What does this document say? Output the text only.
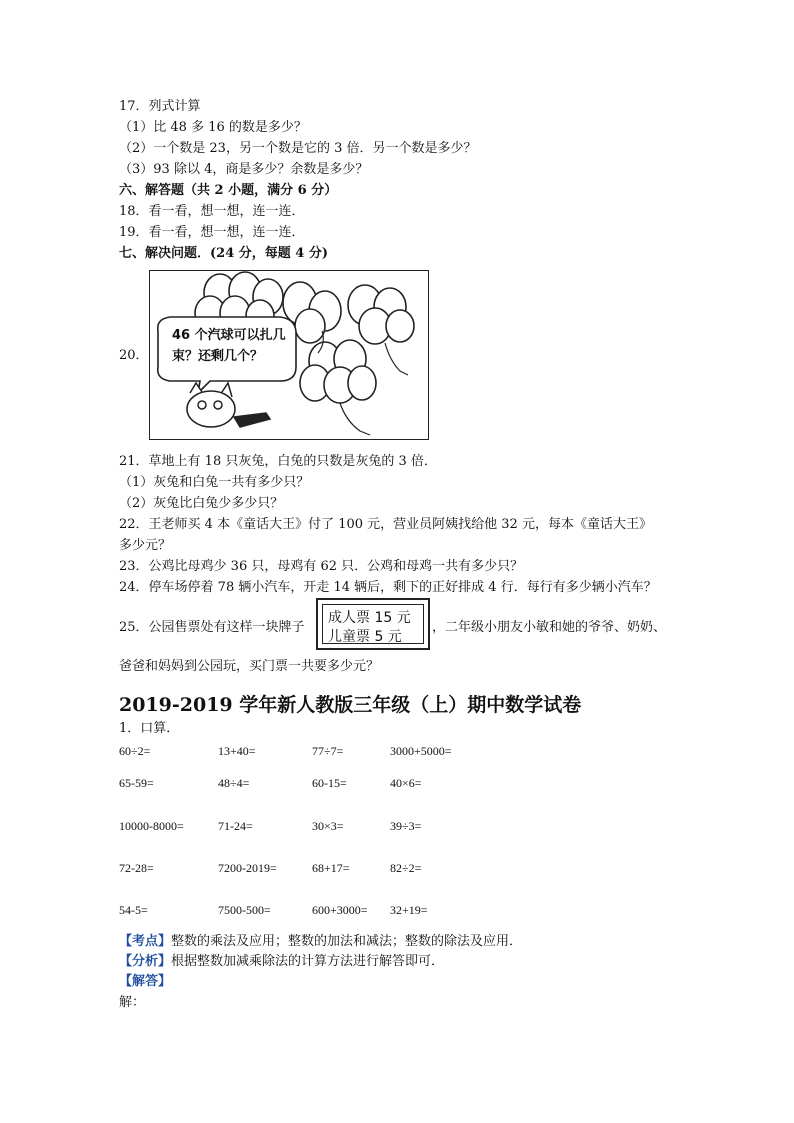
17．列式计算
（1）比 48 多 16 的数是多少？
（2）一个数是 23，另一个数是它的 3 倍．另一个数是多少？
（3）93 除以 4，商是多少？余数是多少？
六、解答题（共 2 小题，满分 6 分）
18．看一看，想一想，连一连．
19．看一看，想一想，连一连．
七、解决问题．(24 分，每题 4 分)
20．
46 个汽球可以扎几
束？还剩几个？
21．草地上有 18 只灰兔，白兔的只数是灰兔的 3 倍．
（1）灰兔和白兔一共有多少只？
（2）灰兔比白兔少多少只？
22．王老师买 4 本《童话大王》付了 100 元，营业员阿姨找给他 32 元，每本《童话大王》
多少元？
23．公鸡比母鸡少 36 只，母鸡有 62 只．公鸡和母鸡一共有多少只？
24．停车场停着 78 辆小汽车，开走 14 辆后，剩下的正好排成 4 行．每行有多少辆小汽车？
25．公园售票处有这样一块牌子
成人票 15 元
儿童票 5 元
，二年级小朋友小敏和她的爷爷、奶奶、
爸爸和妈妈到公园玩，买门票一共要多少元？
2019-2019 学年新人教版三年级（上）期中数学试卷
1．口算．
60÷2=	13+40=	77÷7=	3000+5000=
65-59=	48÷4=	60-15=	40×6=
10000-8000=	71-24=	30×3=	39÷3=
72-28=	7200-2019=	68+17=	82÷2=
54-5=	7500-500=	600+3000= 32+19=
【考点】整数的乘法及应用；整数的加法和减法；整数的除法及应用．
【分析】根据整数加减乘除法的计算方法进行解答即可．
【解答】
解：
